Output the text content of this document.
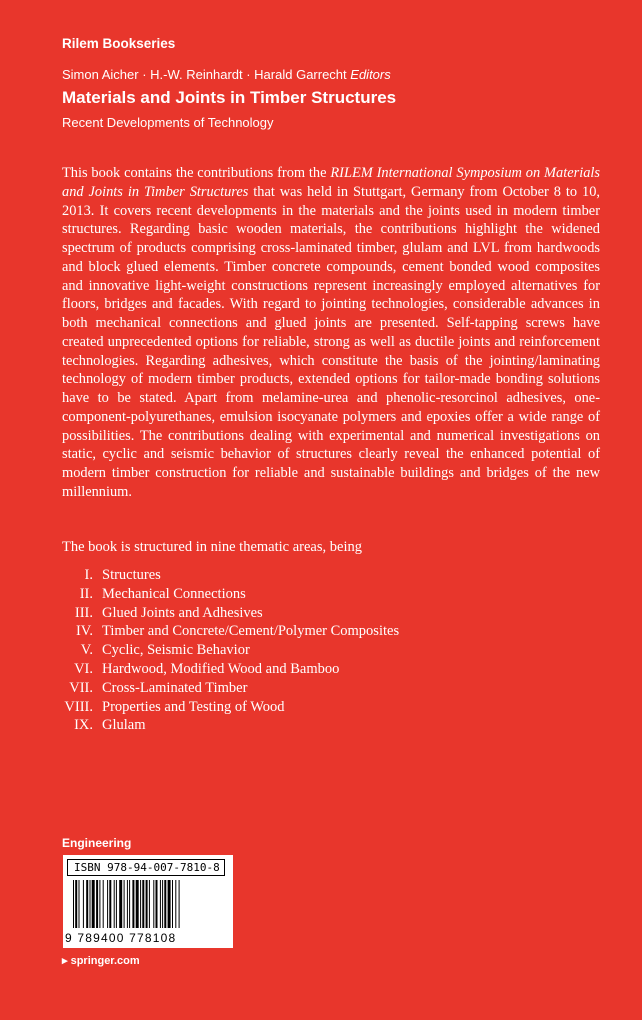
Rilem Bookseries
Simon Aicher · H.-W. Reinhardt · Harald Garrecht Editors
Materials and Joints in Timber Structures
Recent Developments of Technology

This book contains the contributions from the RILEM International Symposium on Materials and Joints in Timber Structures that was held in Stuttgart, Germany from October 8 to 10, 2013. It covers recent developments in the materials and the joints used in modern timber structures. Regarding basic wooden materials, the contributions highlight the widened spectrum of products comprising cross-laminated timber, glulam and LVL from hardwoods and block glued elements. Timber concrete compounds, cement bonded wood composites and innovative light-weight constructions represent increasingly employed alternatives for floors, bridges and facades. With regard to jointing technologies, considerable advances in both mechanical connections and glued joints are presented. Self-tapping screws have created unprecedented options for reliable, strong as well as ductile joints and reinforcement technologies. Regarding adhesives, which constitute the basis of the jointing/laminating technology of modern timber products, extended options for tailor-made bonding solutions have to be stated. Apart from melamine-urea and phenolic-resorcinol adhesives, one-component-polyurethanes, emulsion isocyanate polymers and epoxies offer a wide range of possibilities. The contributions dealing with experimental and numerical investigations on static, cyclic and seismic behavior of structures clearly reveal the enhanced potential of modern timber construction for reliable and sustainable buildings and bridges of the new millennium.

The book is structured in nine thematic areas, being

I. Structures
II. Mechanical Connections
III. Glued Joints and Adhesives
IV. Timber and Concrete/Cement/Polymer Composites
V. Cyclic, Seismic Behavior
VI. Hardwood, Modified Wood and Bamboo
VII. Cross-Laminated Timber
VIII. Properties and Testing of Wood
IX. Glulam
Engineering
ISBN 978-94-007-7810-8
9 789400 778108
▸ springer.com
